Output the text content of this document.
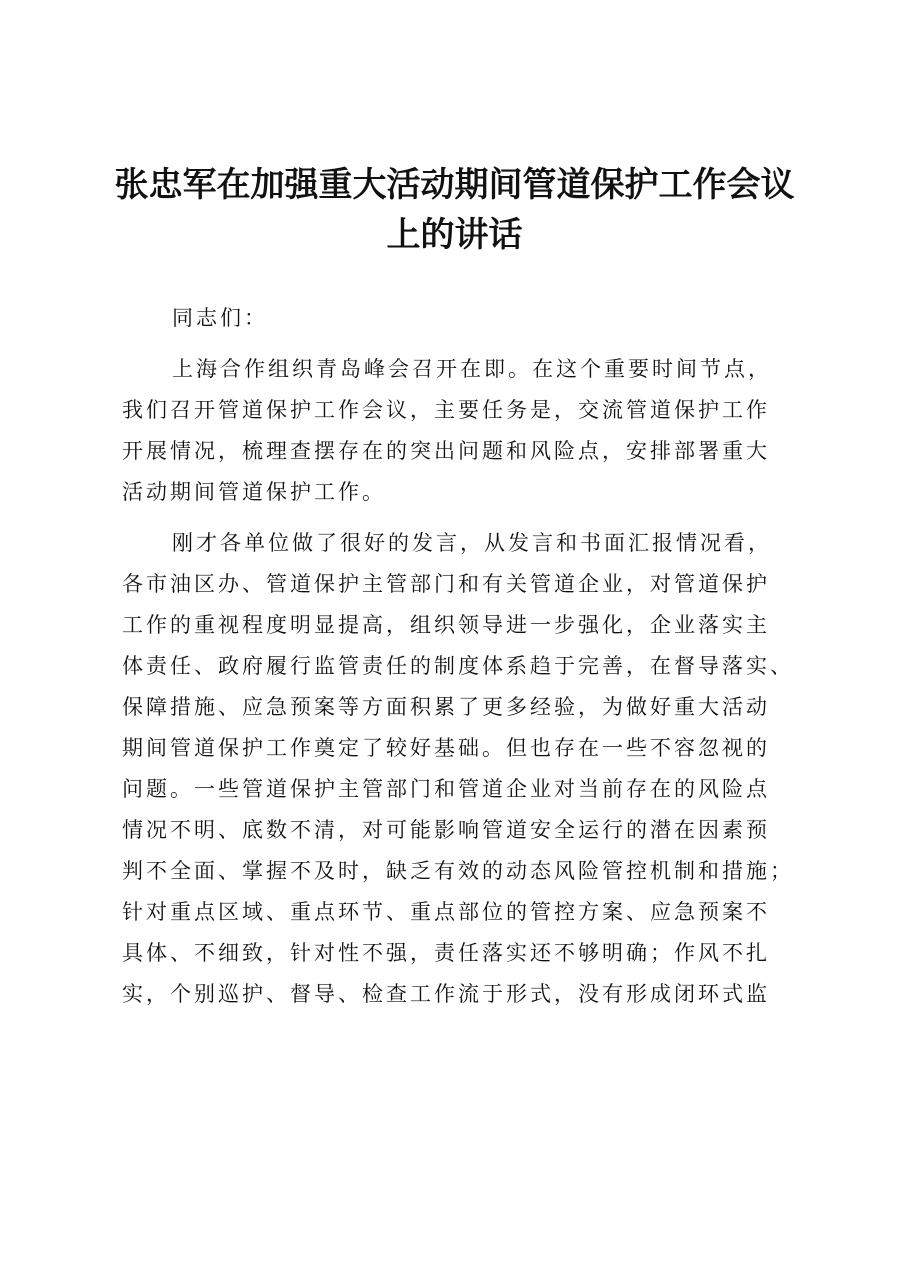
张忠军在加强重大活动期间管道保护工作会议
上的讲话
同志们：
上海合作组织青岛峰会召开在即。在这个重要时间节点，
我们召开管道保护工作会议，主要任务是，交流管道保护工作
开展情况，梳理查摆存在的突出问题和风险点，安排部署重大
活动期间管道保护工作。
刚才各单位做了很好的发言，从发言和书面汇报情况看，
各市油区办、管道保护主管部门和有关管道企业，对管道保护
工作的重视程度明显提高，组织领导进一步强化，企业落实主
体责任、政府履行监管责任的制度体系趋于完善，在督导落实、
保障措施、应急预案等方面积累了更多经验，为做好重大活动
期间管道保护工作奠定了较好基础。但也存在一些不容忽视的
问题。一些管道保护主管部门和管道企业对当前存在的风险点
情况不明、底数不清，对可能影响管道安全运行的潜在因素预
判不全面、掌握不及时，缺乏有效的动态风险管控机制和措施；
针对重点区域、重点环节、重点部位的管控方案、应急预案不
具体、不细致，针对性不强，责任落实还不够明确；作风不扎
实，个别巡护、督导、检查工作流于形式，没有形成闭环式监
